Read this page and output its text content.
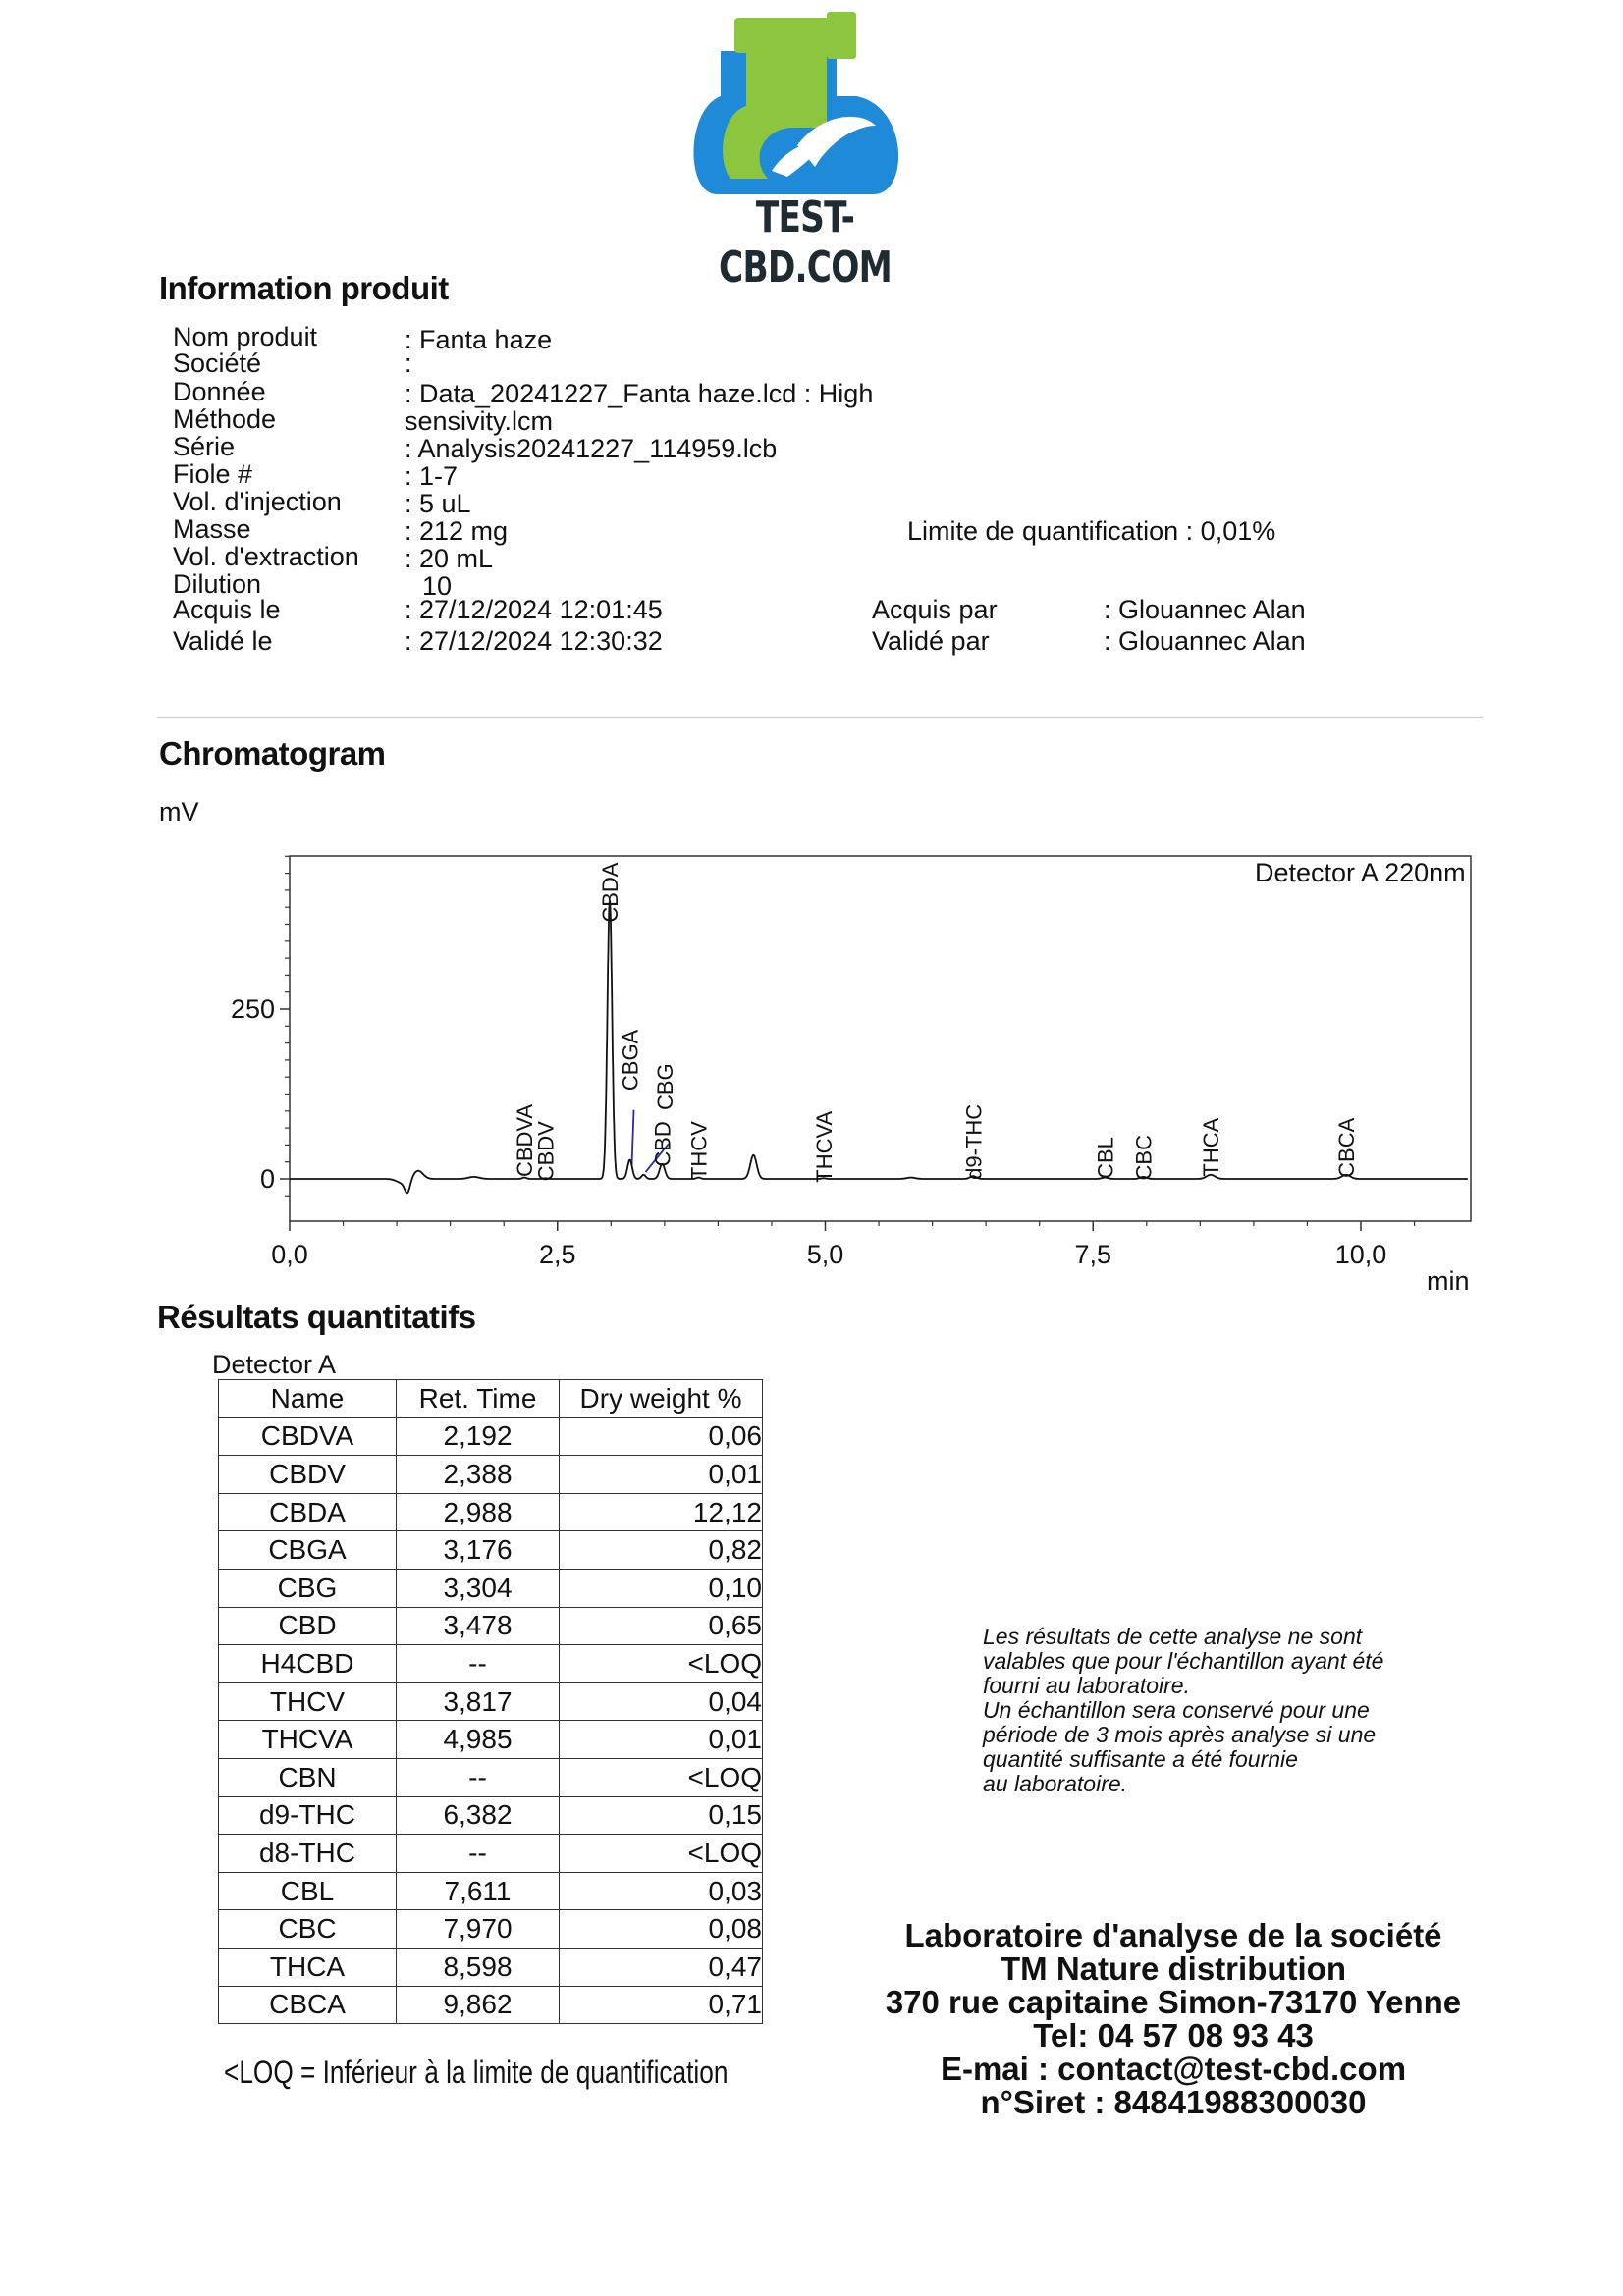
TEST-CBD.COM
Information produit
Nom produit	: Fanta haze
Société	:
Donnée	: Data_20241227_Fanta haze.lcd : High
Méthode	sensivity.lcm
Série	: Analysis20241227_114959.lcb
Fiole #	: 1-7
Vol. d'injection : 5 uL
Masse	: 212 mg	Limite de quantification : 0,01%
Vol. d'extraction : 20 mL
Dilution	10
Acquis le	: 27/12/2024 12:01:45	Acquis par	: Glouannec Alan
Validé le	: 27/12/2024 12:30:32	Validé par	: Glouannec Alan
Chromatogram
mV
min
Detector A 220nm
0,0	2,5	5,0	7,5	10,0
0
250
CBDVA
CBDV
CBDA
CBGA CBG
CBD THCV	THCVA	d9-THC	CBL CBC THCA	CBCA
Résultats quantitatifs
Detector A
Name	Ret. Time	Dry weight %
CBDVA	2,192	0,06
CBDV	2,388	0,01
CBDA	2,988	12,12
CBGA	3,176	0,82
CBG	3,304	0,10
CBD	3,478	0,65
H4CBD	--	<LOQ
THCV	3,817	0,04
THCVA	4,985	0,01
CBN	--	<LOQ
d9-THC	6,382	0,15
d8-THC	--	<LOQ
CBL	7,611	0,03
CBC	7,970	0,08
THCA	8,598	0,47
CBCA	9,862	0,71
<LOQ = Inférieur à la limite de quantification
Les résultats de cette analyse ne sont
valables que pour l'échantillon ayant été
fourni au laboratoire.
Un échantillon sera conservé pour une
période de 3 mois après analyse si une
quantité suffisante a été fournie
au laboratoire.
Laboratoire d'analyse de la société
TM Nature distribution
370 rue capitaine Simon-73170 Yenne
Tel: 04 57 08 93 43
E-mai : contact@test-cbd.com
n°Siret : 84841988300030
